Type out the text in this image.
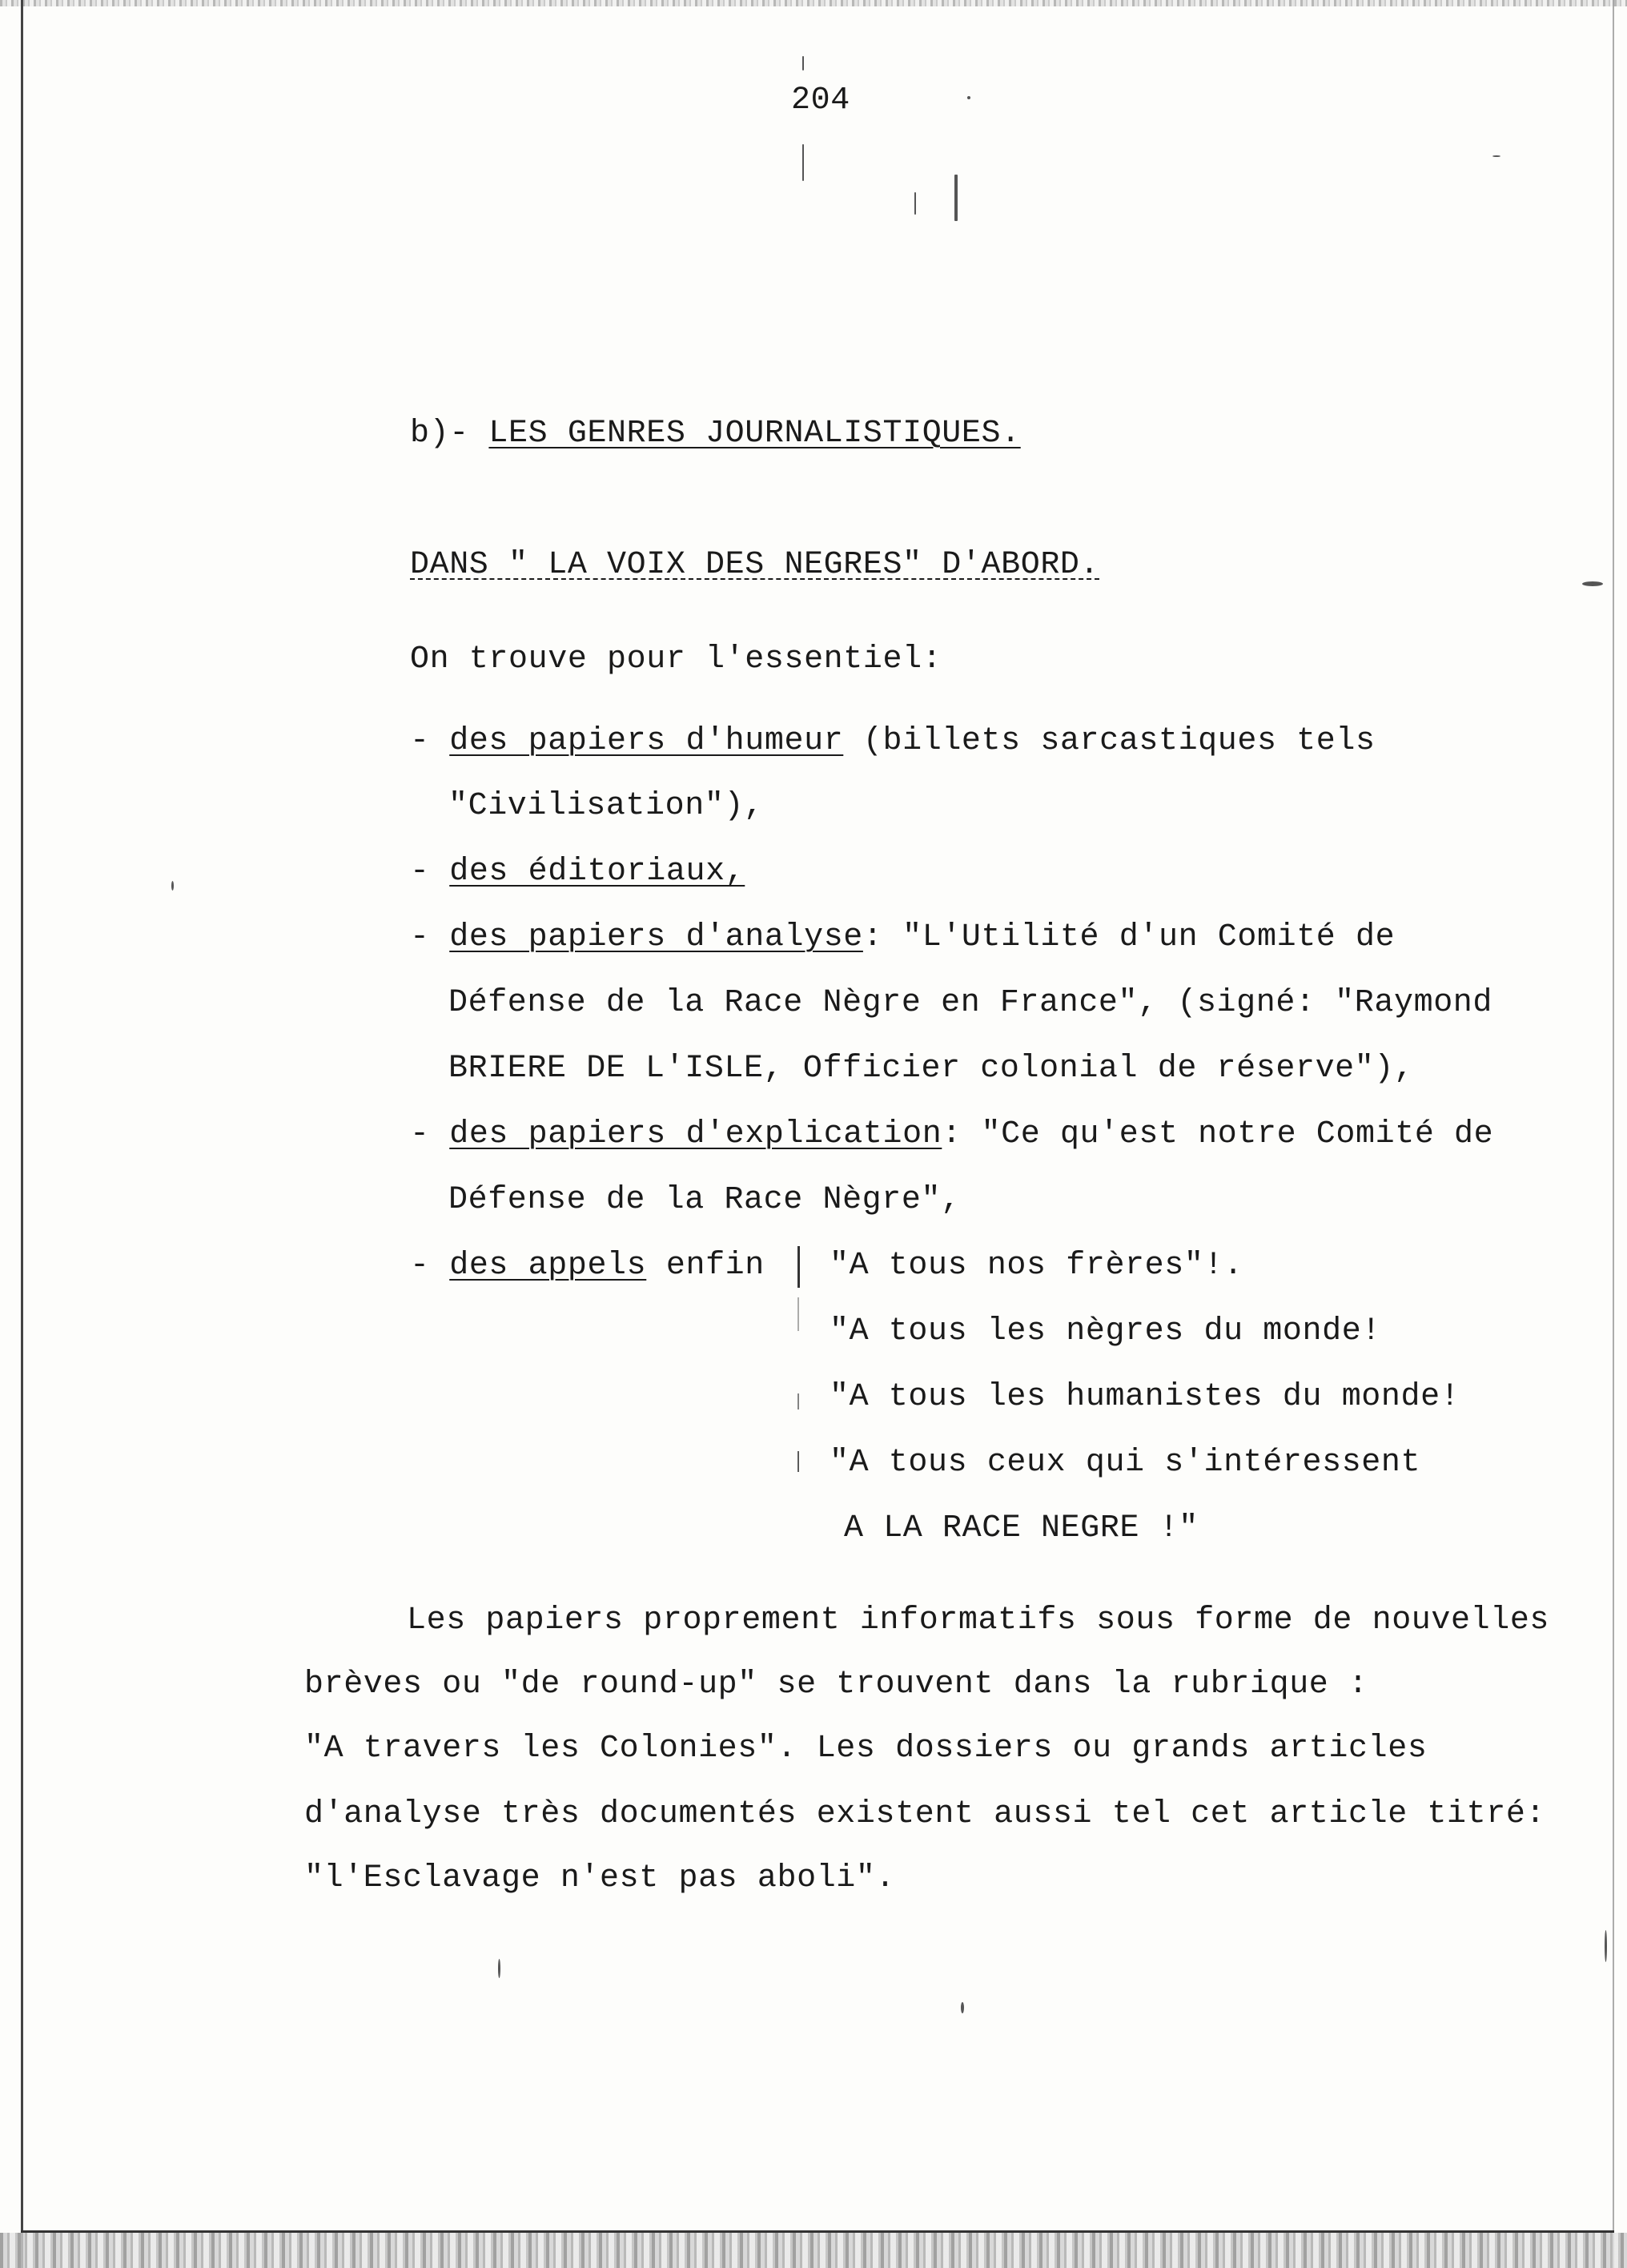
204
b)- LES GENRES JOURNALISTIQUES.
DANS " LA VOIX DES NEGRES" D'ABORD.
On trouve pour l'essentiel:
- des papiers d'humeur (billets sarcastiques tels
"Civilisation"),
- des éditoriaux,
- des papiers d'analyse: "L'Utilité d'un Comité de
Défense de la Race Nègre en France", (signé: "Raymond
BRIERE DE L'ISLE, Officier colonial de réserve"),
- des papiers d'explication: "Ce qu'est notre Comité de
Défense de la Race Nègre",
- des appels enfin "A tous nos frères"!.
"A tous les nègres du monde!
"A tous les humanistes du monde!
"A tous ceux qui s'intéressent
A LA RACE NEGRE !"
Les papiers proprement informatifs sous forme de nouvelles
brèves ou "de round-up" se trouvent dans la rubrique :
"A travers les Colonies". Les dossiers ou grands articles
d'analyse très documentés existent aussi tel cet article titré:
"l'Esclavage n'est pas aboli".
